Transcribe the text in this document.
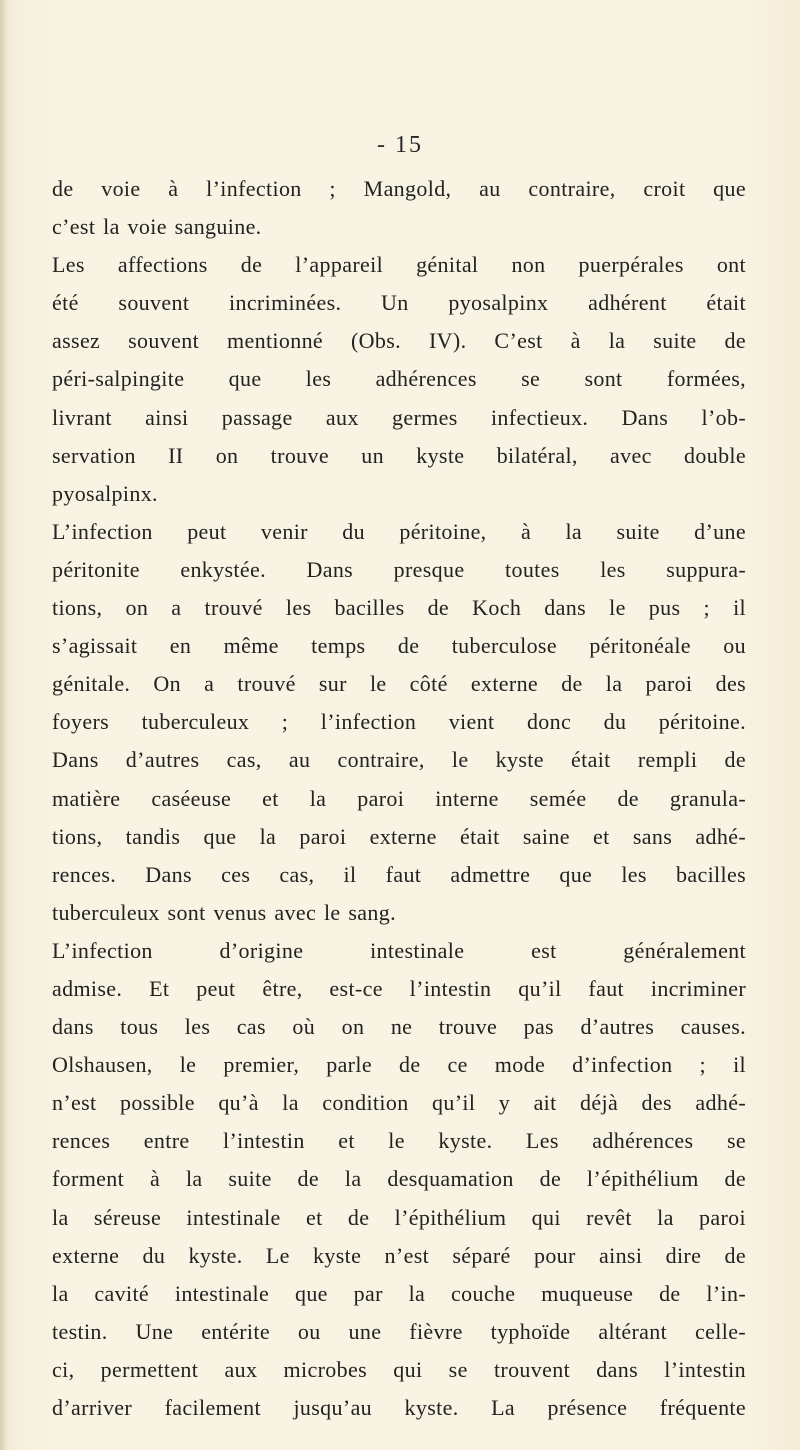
- 15
de voie à l’infection ; Mangold, au contraire, croit que
c’est la voie sanguine.
Les affections de l’appareil génital non puerpérales ont
été souvent incriminées. Un pyosalpinx adhérent était
assez souvent mentionné (Obs. IV). C’est à la suite de
péri-salpingite que les adhérences se sont formées,
livrant ainsi passage aux germes infectieux. Dans l’ob-
servation II on trouve un kyste bilatéral, avec double
pyosalpinx.
L’infection peut venir du péritoine, à la suite d’une
péritonite enkystée. Dans presque toutes les suppura-
tions, on a trouvé les bacilles de Koch dans le pus ; il
s’agissait en même temps de tuberculose péritonéale ou
génitale. On a trouvé sur le côté externe de la paroi des
foyers tuberculeux ; l’infection vient donc du péritoine.
Dans d’autres cas, au contraire, le kyste était rempli de
matière caséeuse et la paroi interne semée de granula-
tions, tandis que la paroi externe était saine et sans adhé-
rences. Dans ces cas, il faut admettre que les bacilles
tuberculeux sont venus avec le sang.
L’infection d’origine intestinale est généralement
admise. Et peut être, est-ce l’intestin qu’il faut incriminer
dans tous les cas où on ne trouve pas d’autres causes.
Olshausen, le premier, parle de ce mode d’infection ; il
n’est possible qu’à la condition qu’il y ait déjà des adhé-
rences entre l’intestin et le kyste. Les adhérences se
forment à la suite de la desquamation de l’épithélium de
la séreuse intestinale et de l’épithélium qui revêt la paroi
externe du kyste. Le kyste n’est séparé pour ainsi dire de
la cavité intestinale que par la couche muqueuse de l’in-
testin. Une entérite ou une fièvre typhoïde altérant celle-
ci, permettent aux microbes qui se trouvent dans l’intestin
d’arriver facilement jusqu’au kyste. La présence fréquente
